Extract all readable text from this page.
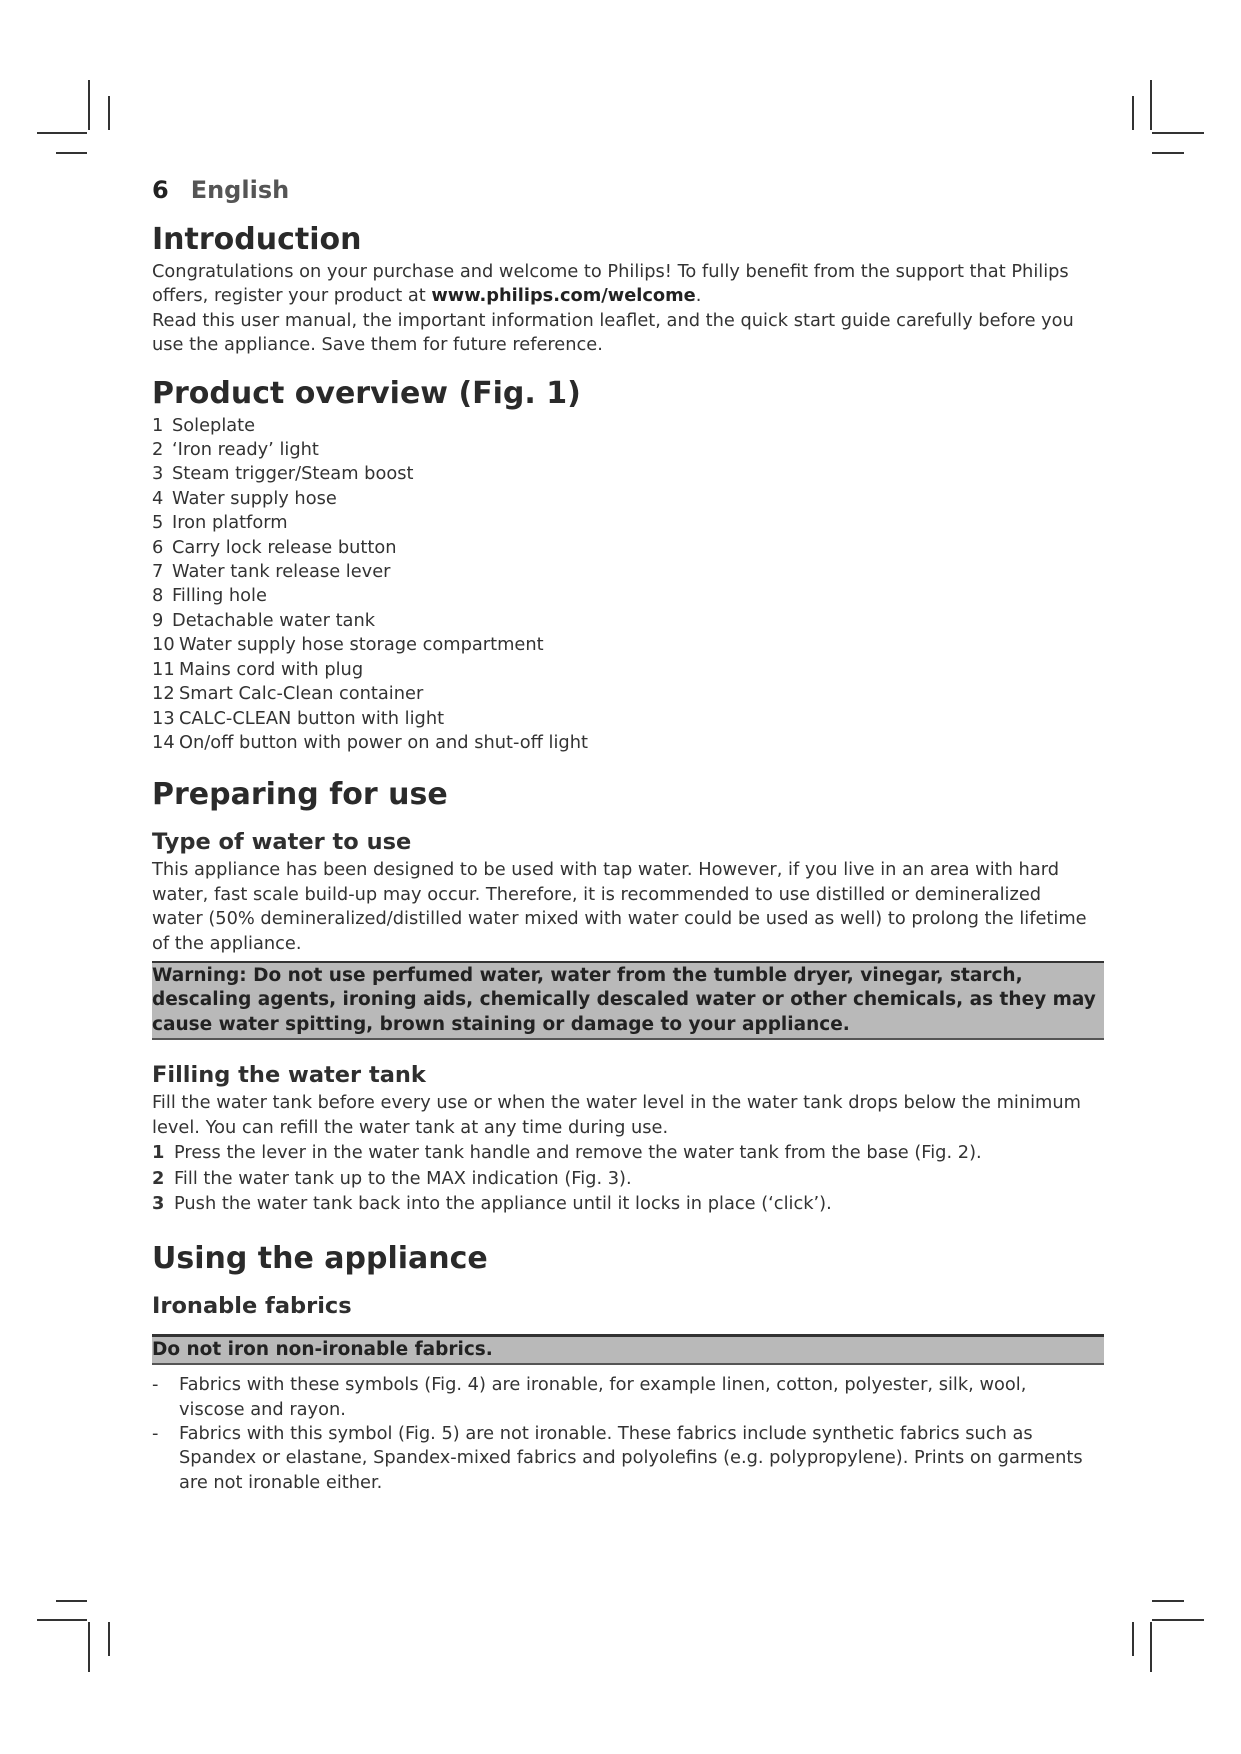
6 English
Introduction

Congratulations on your purchase and welcome to Philips! To fully benefit from the support that Philips offers, register your product at www.philips.com/welcome.

Read this user manual, the important information leaflet, and the quick start guide carefully before you use the appliance. Save them for future reference.

Product overview (Fig. 1)
1 Soleplate
2 ‘Iron ready’ light
3 Steam trigger/Steam boost
4 Water supply hose
5 Iron platform
6 Carry lock release button
7 Water tank release lever
8 Filling hole
9 Detachable water tank
10 Water supply hose storage compartment
11 Mains cord with plug
12 Smart Calc-Clean container
13 CALC-CLEAN button with light
14 On/off button with power on and shut-off light
Preparing for use
Type of water to use

This appliance has been designed to be used with tap water. However, if you live in an area with hard water, fast scale build-up may occur. Therefore, it is recommended to use distilled or demineralized water (50% demineralized/distilled water mixed with water could be used as well) to prolong the lifetime of the appliance.

Warning: Do not use perfumed water, water from the tumble dryer, vinegar, starch, descaling agents, ironing aids, chemically descaled water or other chemicals, as they may cause water spitting, brown staining or damage to your appliance.
Filling the water tank

Fill the water tank before every use or when the water level in the water tank drops below the minimum level. You can refill the water tank at any time during use.

1 Press the lever in the water tank handle and remove the water tank from the base (Fig. 2).
2 Fill the water tank up to the MAX indication (Fig. 3).
3 Push the water tank back into the appliance until it locks in place (‘click’).
Using the appliance
Ironable fabrics
Do not iron non-ironable fabrics.
- Fabrics with these symbols (Fig. 4) are ironable, for example linen, cotton, polyester, silk, wool, viscose and rayon.
- Fabrics with this symbol (Fig. 5) are not ironable. These fabrics include synthetic fabrics such as Spandex or elastane, Spandex-mixed fabrics and polyolefins (e.g. polypropylene). Prints on garments are not ironable either.
